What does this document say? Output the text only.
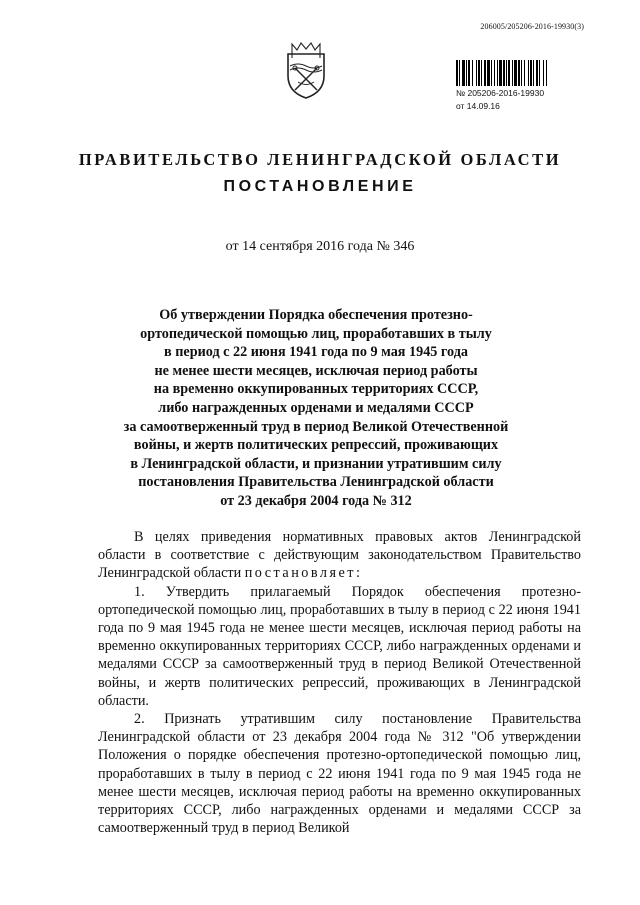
206005/205206-2016-19930(3)
№ 205206-2016-19930
от 14.09.16
ПРАВИТЕЛЬСТВО ЛЕНИНГРАДСКОЙ ОБЛАСТИ
ПОСТАНОВЛЕНИЕ
от 14 сентября 2016 года № 346
Об утверждении Порядка обеспечения протезно-
ортопедической помощью лиц, проработавших в тылу
в период с 22 июня 1941 года по 9 мая 1945 года
не менее шести месяцев, исключая период работы
на временно оккупированных территориях СССР,
либо награжденных орденами и медалями СССР
за самоотверженный труд в период Великой Отечественной
войны, и жертв политических репрессий, проживающих
в Ленинградской области, и признании утратившим силу
постановления Правительства Ленинградской области
от 23 декабря 2004 года № 312

В целях приведения нормативных правовых актов Ленинградской области в соответствие с действующим законодательством Правительство Ленинградской области постановляет:

1. Утвердить прилагаемый Порядок обеспечения протезно-ортопедической помощью лиц, проработавших в тылу в период с 22 июня 1941 года по 9 мая 1945 года не менее шести месяцев, исключая период работы на временно оккупированных территориях СССР, либо награжденных орденами и медалями СССР за самоотверженный труд в период Великой Отечественной войны, и жертв политических репрессий, проживающих в Ленинградской области.

2. Признать утратившим силу постановление Правительства Ленинградской области от 23 декабря 2004 года № 312 "Об утверждении Положения о порядке обеспечения протезно-ортопедической помощью лиц, проработавших в тылу в период с 22 июня 1941 года по 9 мая 1945 года не менее шести месяцев, исключая период работы на временно оккупированных территориях СССР, либо награжденных орденами и медалями СССР за самоотверженный труд в период Великой
